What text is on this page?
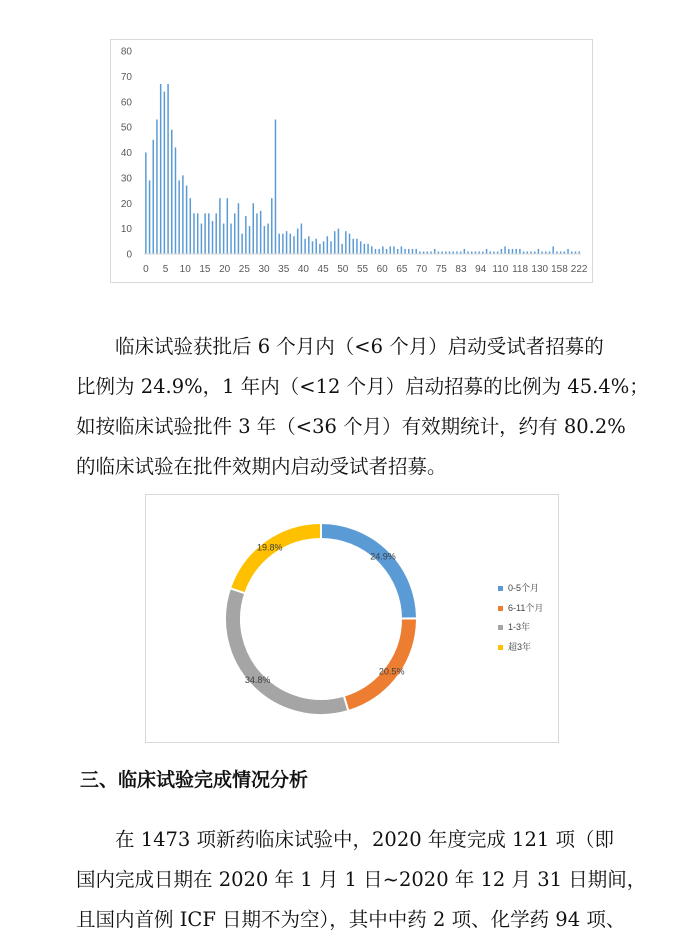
0
10
20
30
40
50
60
70
80
0 5 10 15 20 25 30 35 40 45 50 55 60 65 70 75 83 94 110 118 130 158 222
　　临床试验获批后 6 个月内（<6 个月）启动受试者招募的
比例为 24.9%，1 年内（<12 个月）启动招募的比例为 45.4%；
如按临床试验批件 3 年（<36 个月）有效期统计，约有 80.2%
的临床试验在批件效期内启动受试者招募。
24.9%
20.5%
34.8%
19.8%
0-5个月
6-11个月
1-3年
超3年
三、临床试验完成情况分析
　　在 1473 项新药临床试验中，2020 年度完成 121 项（即
国内完成日期在 2020 年 1 月 1 日~2020 年 12 月 31 日期间，
且国内首例 ICF 日期不为空），其中中药 2 项、化学药 94 项、
